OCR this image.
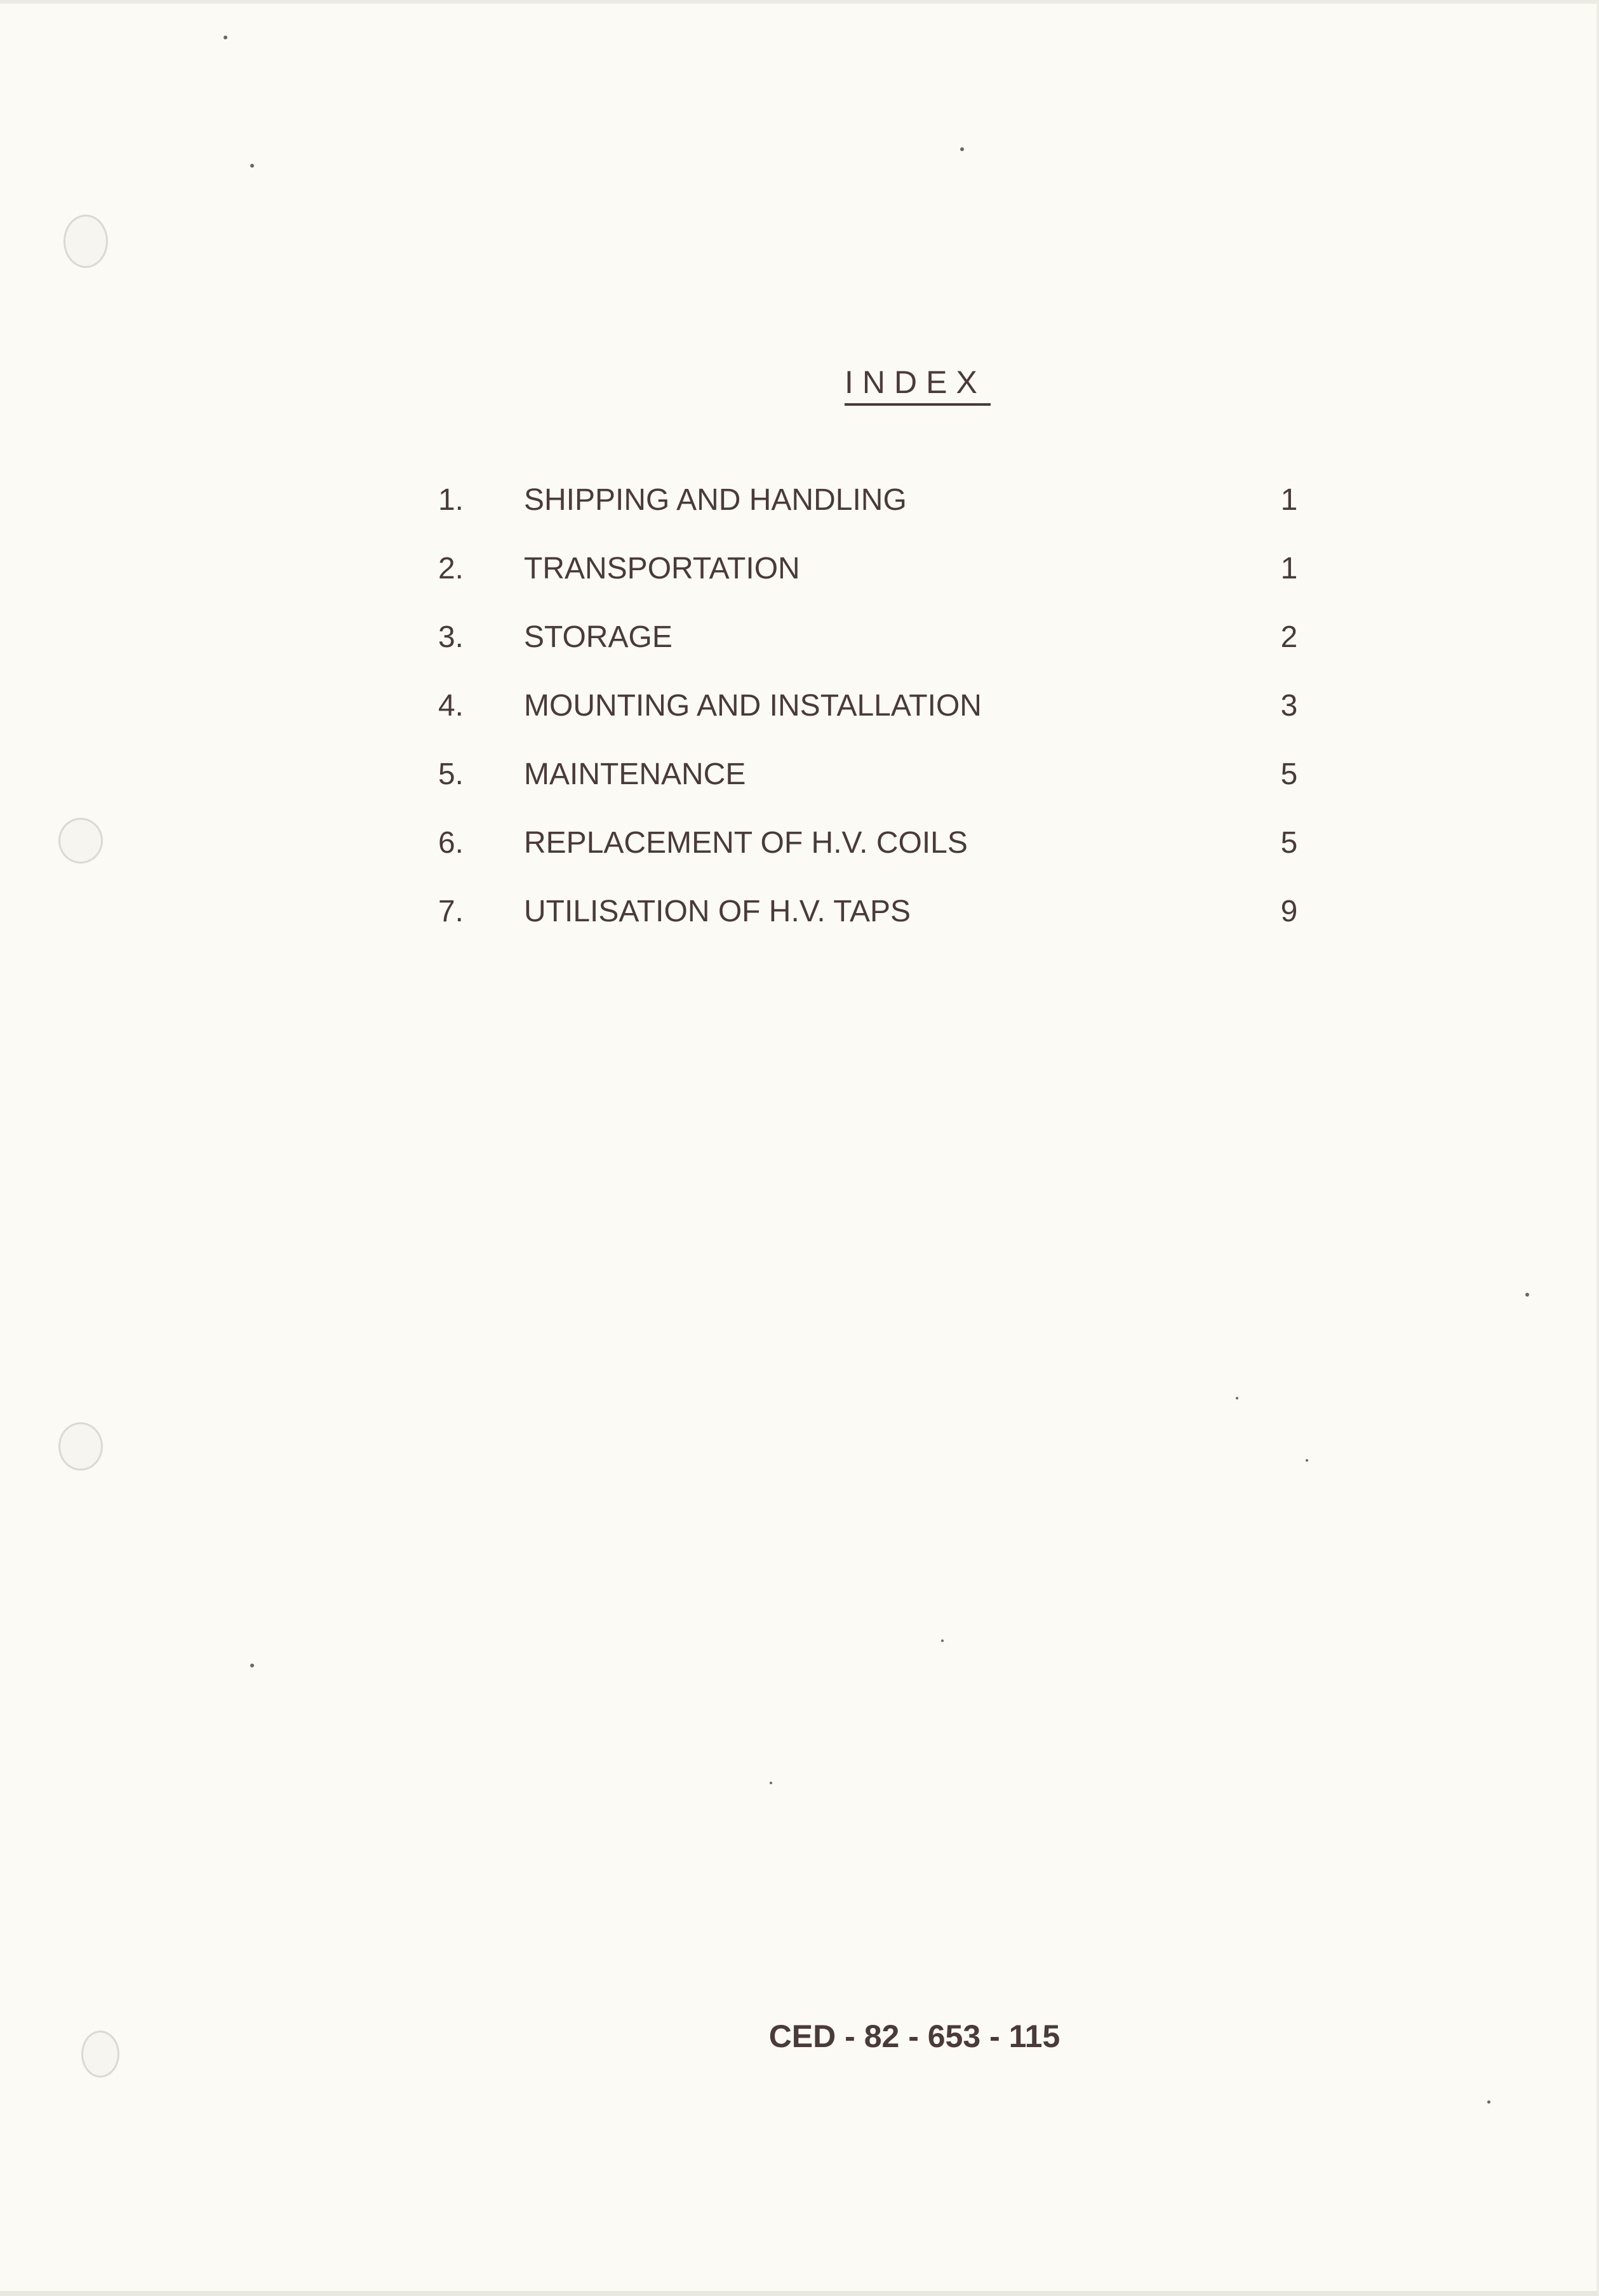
INDEX
1. SHIPPING AND HANDLING	1
2. TRANSPORTATION	1
3. STORAGE	2
4. MOUNTING AND INSTALLATION	3
5. MAINTENANCE	5
6. REPLACEMENT OF H.V. COILS	5
7. UTILISATION OF H.V. TAPS	9
CED - 82 - 653 - 115
